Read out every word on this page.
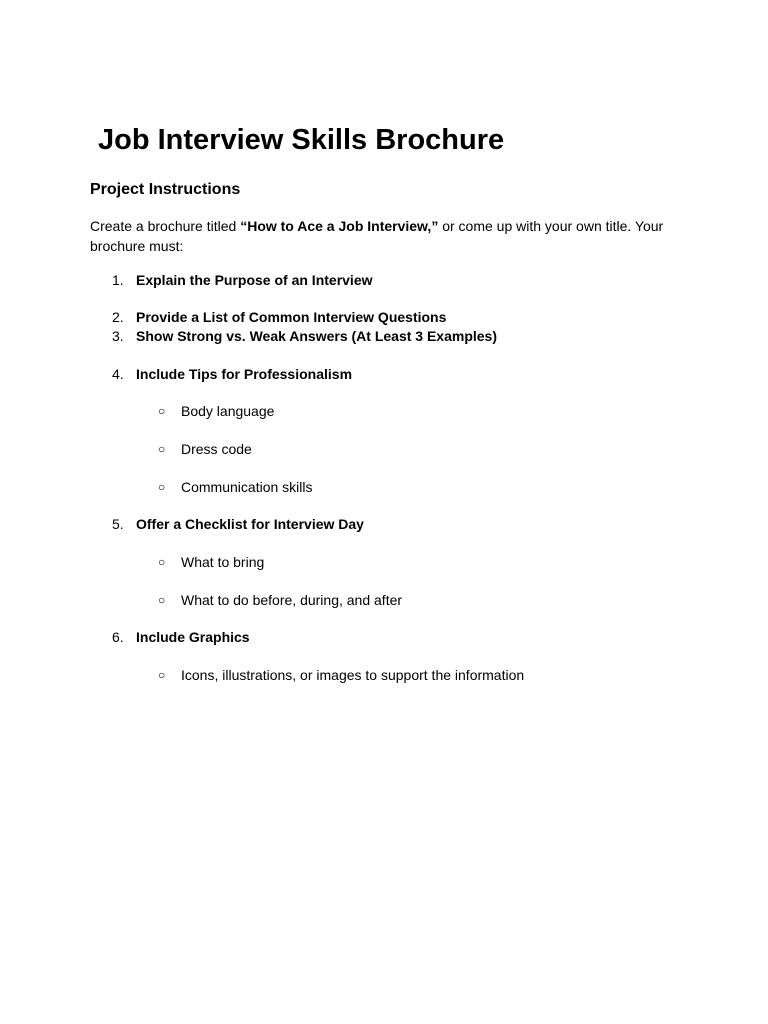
Job Interview Skills Brochure
Project Instructions

Create a brochure titled “How to Ace a Job Interview,” or come up with your own title. Your brochure must:

1. Explain the Purpose of an Interview
2. Provide a List of Common Interview Questions
3. Show Strong vs. Weak Answers (At Least 3 Examples)
4. Include Tips for Professionalism
○ Body language
○ Dress code
○ Communication skills
5. Offer a Checklist for Interview Day
○ What to bring
○ What to do before, during, and after
6. Include Graphics
○ Icons, illustrations, or images to support the information
